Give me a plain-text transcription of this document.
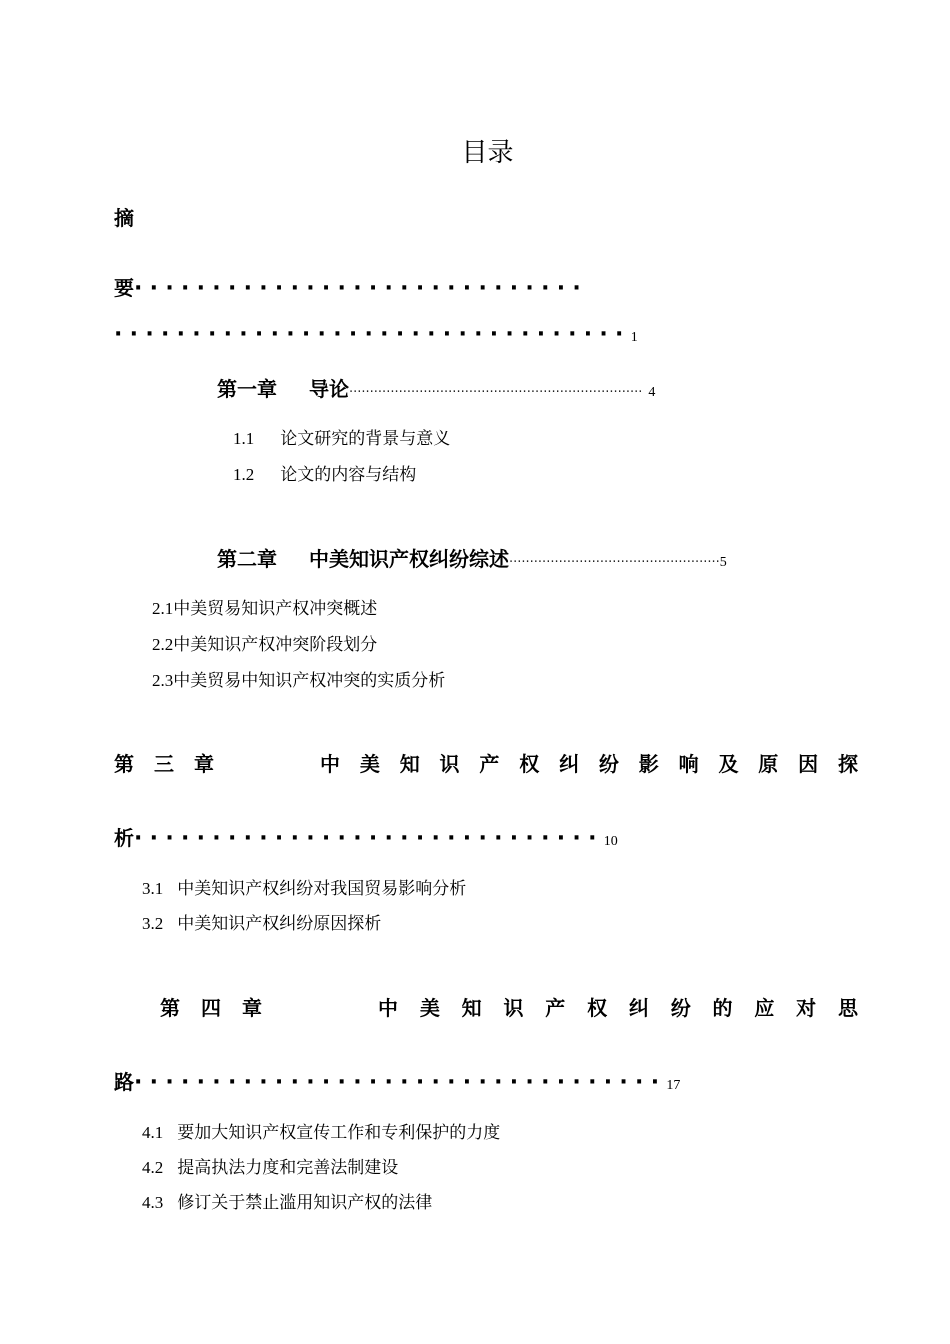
目录
摘
要·····························
·································1
第一章 导论······································································· 4
1.1 论文研究的背景与意义
1.2 论文的内容与结构
第二章 中美知识产权纠纷综述···················································5
2.1中美贸易知识产权冲突概述
2.2中美知识产权冲突阶段划分
2.3中美贸易中知识产权冲突的实质分析
第 三 章	中 美 知 识 产 权 纠 纷 影 响 及 原 因 探
析······························10
3.1 中美知识产权纠纷对我国贸易影响分析
3.2 中美知识产权纠纷原因探析
第 四 章	中 美 知 识 产 权 纠 纷 的 应 对 思
路··································17
4.1 要加大知识产权宣传工作和专利保护的力度
4.2 提高执法力度和完善法制建设
4.3 修订关于禁止滥用知识产权的法律
